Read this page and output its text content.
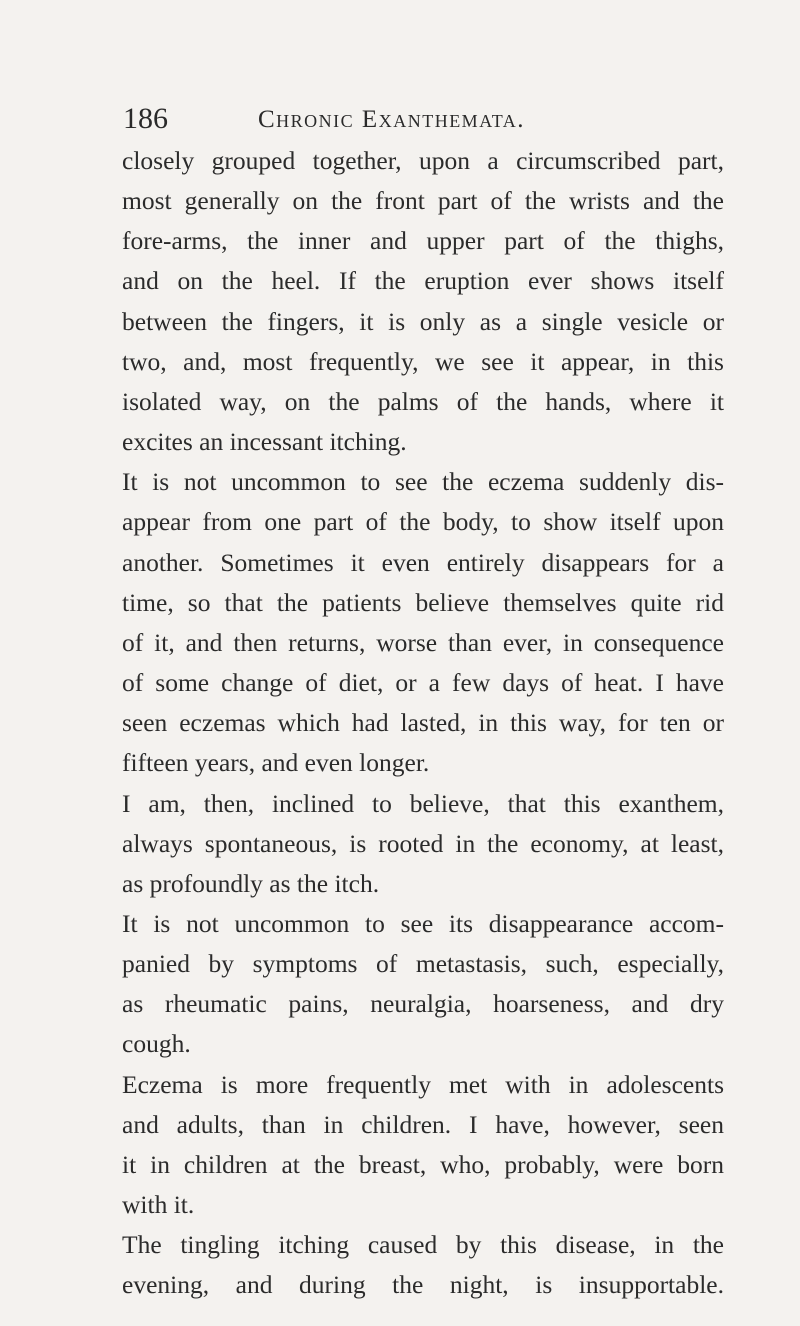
186	Chronic Exanthemata.

closely grouped together, upon a circumscribed part,
most generally on the front part of the wrists and the
fore-arms, the inner and upper part of the thighs,
and on the heel. If the eruption ever shows itself
between the fingers, it is only as a single vesicle or
two, and, most frequently, we see it appear, in this
isolated way, on the palms of the hands, where it
excites an incessant itching.

It is not uncommon to see the eczema suddenly dis-
appear from one part of the body, to show itself upon
another. Sometimes it even entirely disappears for a
time, so that the patients believe themselves quite rid
of it, and then returns, worse than ever, in consequence
of some change of diet, or a few days of heat. I have
seen eczemas which had lasted, in this way, for ten or
fifteen years, and even longer.

I am, then, inclined to believe, that this exanthem,
always spontaneous, is rooted in the economy, at least,
as profoundly as the itch.

It is not uncommon to see its disappearance accom-
panied by symptoms of metastasis, such, especially,
as rheumatic pains, neuralgia, hoarseness, and dry
cough.

Eczema is more frequently met with in adolescents
and adults, than in children. I have, however, seen
it in children at the breast, who, probably, were born
with it.

The tingling itching caused by this disease, in the
evening, and during the night, is insupportable.
